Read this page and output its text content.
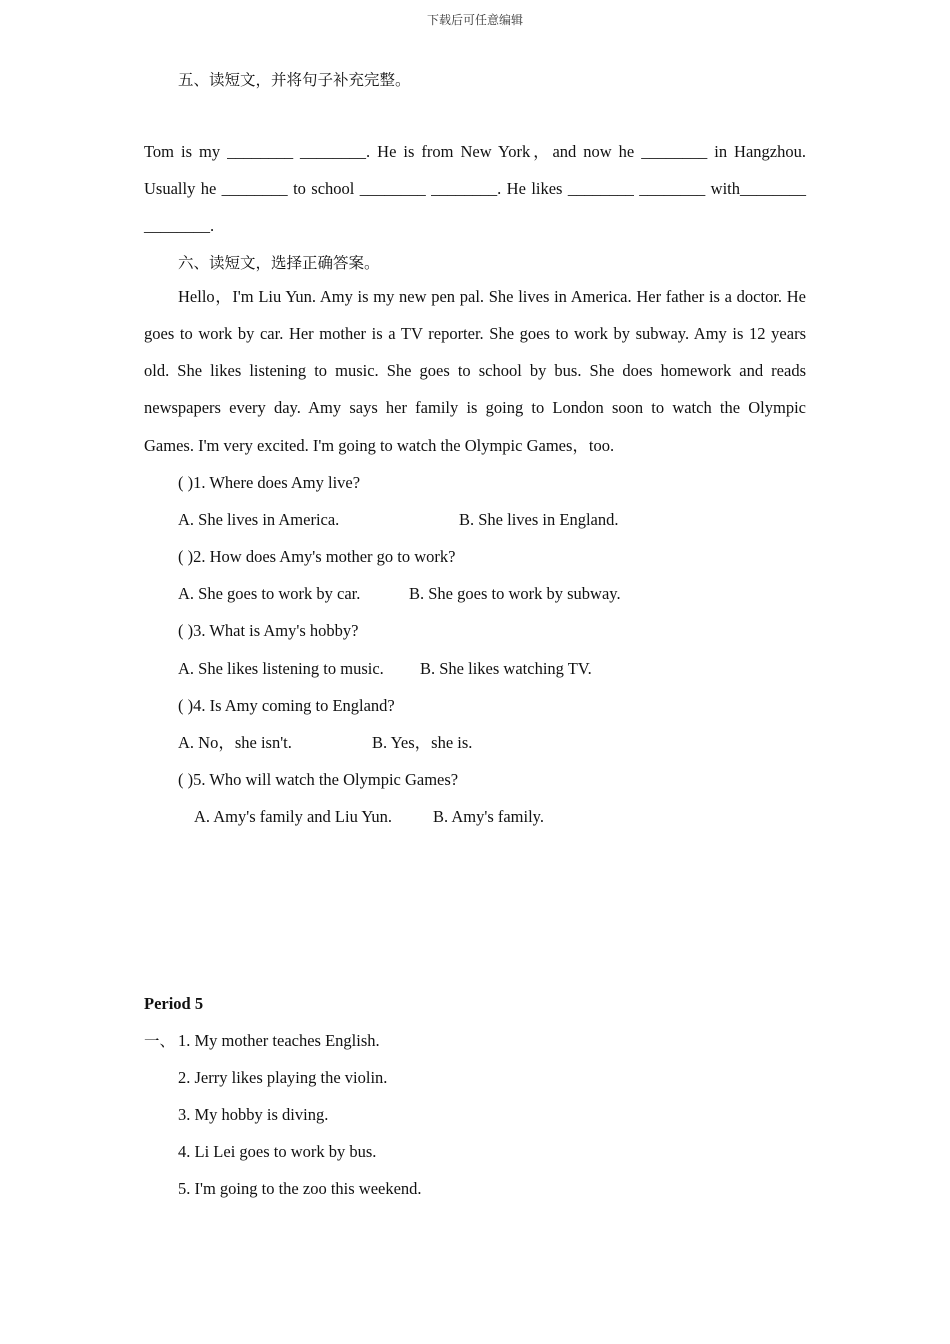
下载后可任意编辑
五、读短文，并将句子补充完整。
Tom is my ________ ________. He is from New York，and now he ________ in Hangzhou.
Usually he ________ to school ________ ________. He likes ________ ________ with________
________.
六、读短文，选择正确答案。
Hello，I'm Liu Yun. Amy is my new pen pal. She lives in America. Her father is a doctor. He
goes to work by car. Her mother is a TV reporter. She goes to work by subway. Amy is 12 years
old. She likes listening to music. She goes to school by bus. She does homework and reads
newspapers every day. Amy says her family is going to London soon to watch the Olympic
Games. I'm very excited. I'm going to watch the Olympic Games，too.
( )1. Where does Amy live?
A. She lives in America.	B. She lives in England.
( )2. How does Amy's mother go to work?
A. She goes to work by car.	B. She goes to work by subway.
( )3. What is Amy's hobby?
A. She likes listening to music. B. She likes watching TV.
( )4. Is Amy coming to England?
A. No，she isn't.	B. Yes，she is.
( )5. Who will watch the Olympic Games?
A. Amy's family and Liu Yun. B. Amy's family.
Period 5
一、 1. My mother teaches English.
2. Jerry likes playing the violin.
3. My hobby is diving.
4. Li Lei goes to work by bus.
5. I'm going to the zoo this weekend.
